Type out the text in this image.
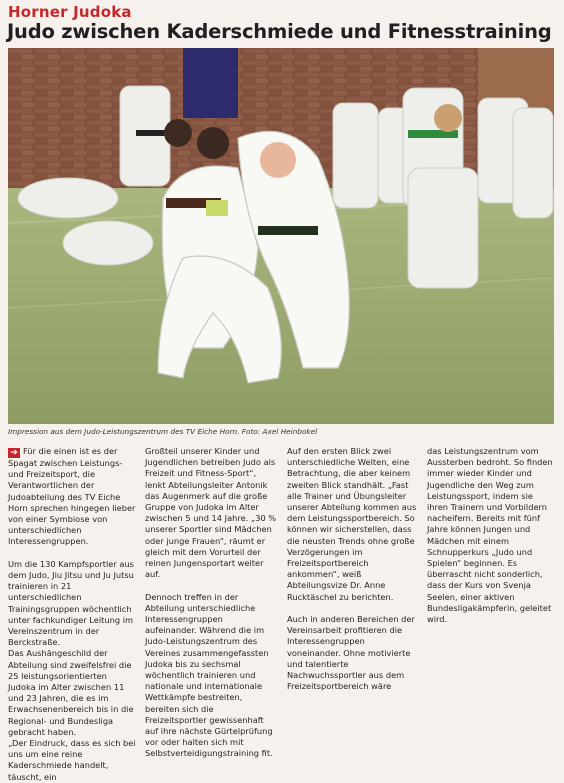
Horner Judoka
Judo zwischen Kaderschmiede und Fitnesstraining
Impression aus dem Judo-Leistungszentrum des TV Eiche Horn. Foto: Axel Heinbokel

➔ Für die einen ist es der Spagat zwischen Leistungs- und Freizeitsport, die Verantwortlichen der Judoabteilung des TV Eiche Horn sprechen hingegen lieber von einer Symbiose von unterschiedlichen Interessengruppen.

Um die 130 Kampfsportler aus dem Judo, Jiu Jitsu und Ju Jutsu trainieren in 21 unterschiedlichen Trainingsgruppen wöchentlich unter fachkundiger Leitung im Vereinszentrum in der Berckstraße.

Das Aushängeschild der Abteilung sind zweifelsfrei die 25 leistungsorientierten Judoka im Alter zwischen 11 und 23 Jahren, die es im Erwachsenenbereich bis in die Regional- und Bundesliga gebracht haben.

„Der Eindruck, dass es sich bei uns um eine reine Kaderschmiede handelt, täuscht, ein

Großteil unserer Kinder und Jugendlichen betreiben Judo als Freizeit und Fitness-Sport“, lenkt Abteilungsleiter Antonik das Augenmerk auf die große Gruppe von Judoka im Alter zwischen 5 und 14 Jahre. „30 % unserer Sportler sind Mädchen oder junge Frauen“, räumt er gleich mit dem Vorurteil der reinen Jungensportart weiter auf.

Dennoch treffen in der Abteilung unterschiedliche Interessengruppen aufeinander. Während die im Judo-Leistungszentrum des Vereines zusammengefassten Judoka bis zu sechsmal wöchentlich trainieren und nationale und internationale Wettkämpfe bestreiten, bereiten sich die Freizeitsportler gewissenhaft auf ihre nächste Gürtelprüfung vor oder halten sich mit Selbstverteidigungstraining fit.

Auf den ersten Blick zwei unterschiedliche Welten, eine Betrachtung, die aber keinem zweiten Blick standhält. „Fast alle Trainer und Übungsleiter unserer Abteilung kommen aus dem Leistungssportbereich. So können wir sicherstellen, dass die neusten Trends ohne große Verzögerungen im Freizeitsportbereich ankommen“, weiß Abteilungsvize Dr. Anne Rucktäschel zu berichten.

Auch in anderen Bereichen der Vereinsarbeit profitieren die Interessengruppen voneinander. Ohne motivierte und talentierte Nachwuchssportler aus dem Freizeitsportbereich wäre

das Leistungszentrum vom Aussterben bedroht. So finden immer wieder Kinder und Jugendliche den Weg zum Leistungssport, indem sie ihren Trainern und Vorbildern nacheifern. Bereits mit fünf Jahre können Jungen und Mädchen mit einem Schnupperkurs „Judo und Spielen“ beginnen. Es überrascht nicht sonderlich, dass der Kurs von Svenja Seelen, einer aktiven Bundesligakämpferin, geleitet wird.
